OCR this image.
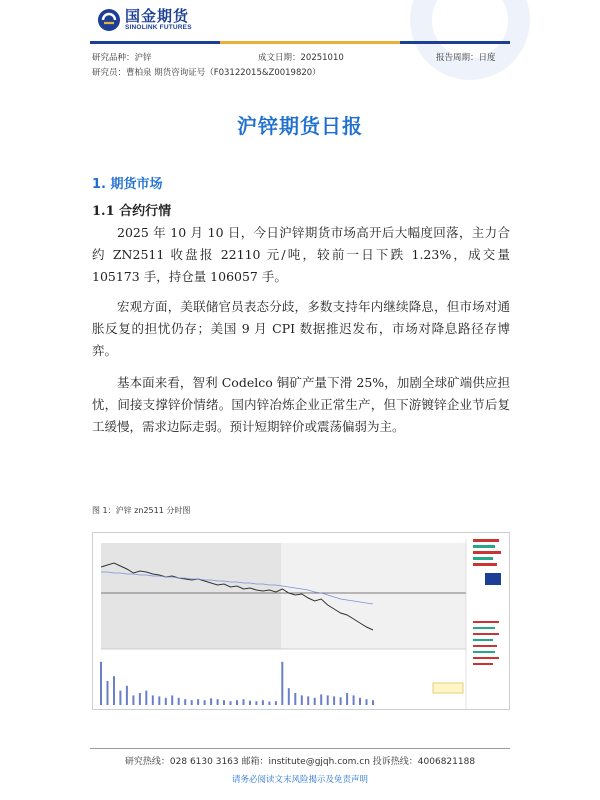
国金期货
SINOLINK FUTURES
研究品种：沪锌	成文日期：20251010	报告周期：日度
研究员：曹柏泉 期货咨询证号（F03122015&Z0019820）
沪锌期货日报
1. 期货市场
1.1 合约行情

2025 年 10 月 10 日，今日沪锌期货市场高开后大幅度回落，主力合约 ZN2511 收盘报 22110 元/吨，较前一日下跌 1.23%，成交量 105173 手，持仓量 106057 手。

宏观方面，美联储官员表态分歧，多数支持年内继续降息，但市场对通胀反复的担忧仍存；美国 9 月 CPI 数据推迟发布，市场对降息路径存博弈。

基本面来看，智利 Codelco 铜矿产量下滑 25%，加剧全球矿端供应担忧，间接支撑锌价情绪。国内锌冶炼企业正常生产，但下游镀锌企业节后复工缓慢，需求边际走弱。预计短期锌价或震荡偏弱为主。

图 1：沪锌 zn2511 分时图
研究热线：028 6130 3163 邮箱：institute@gjqh.com.cn 投诉热线：4006821188
请务必阅读文末风险揭示及免责声明
